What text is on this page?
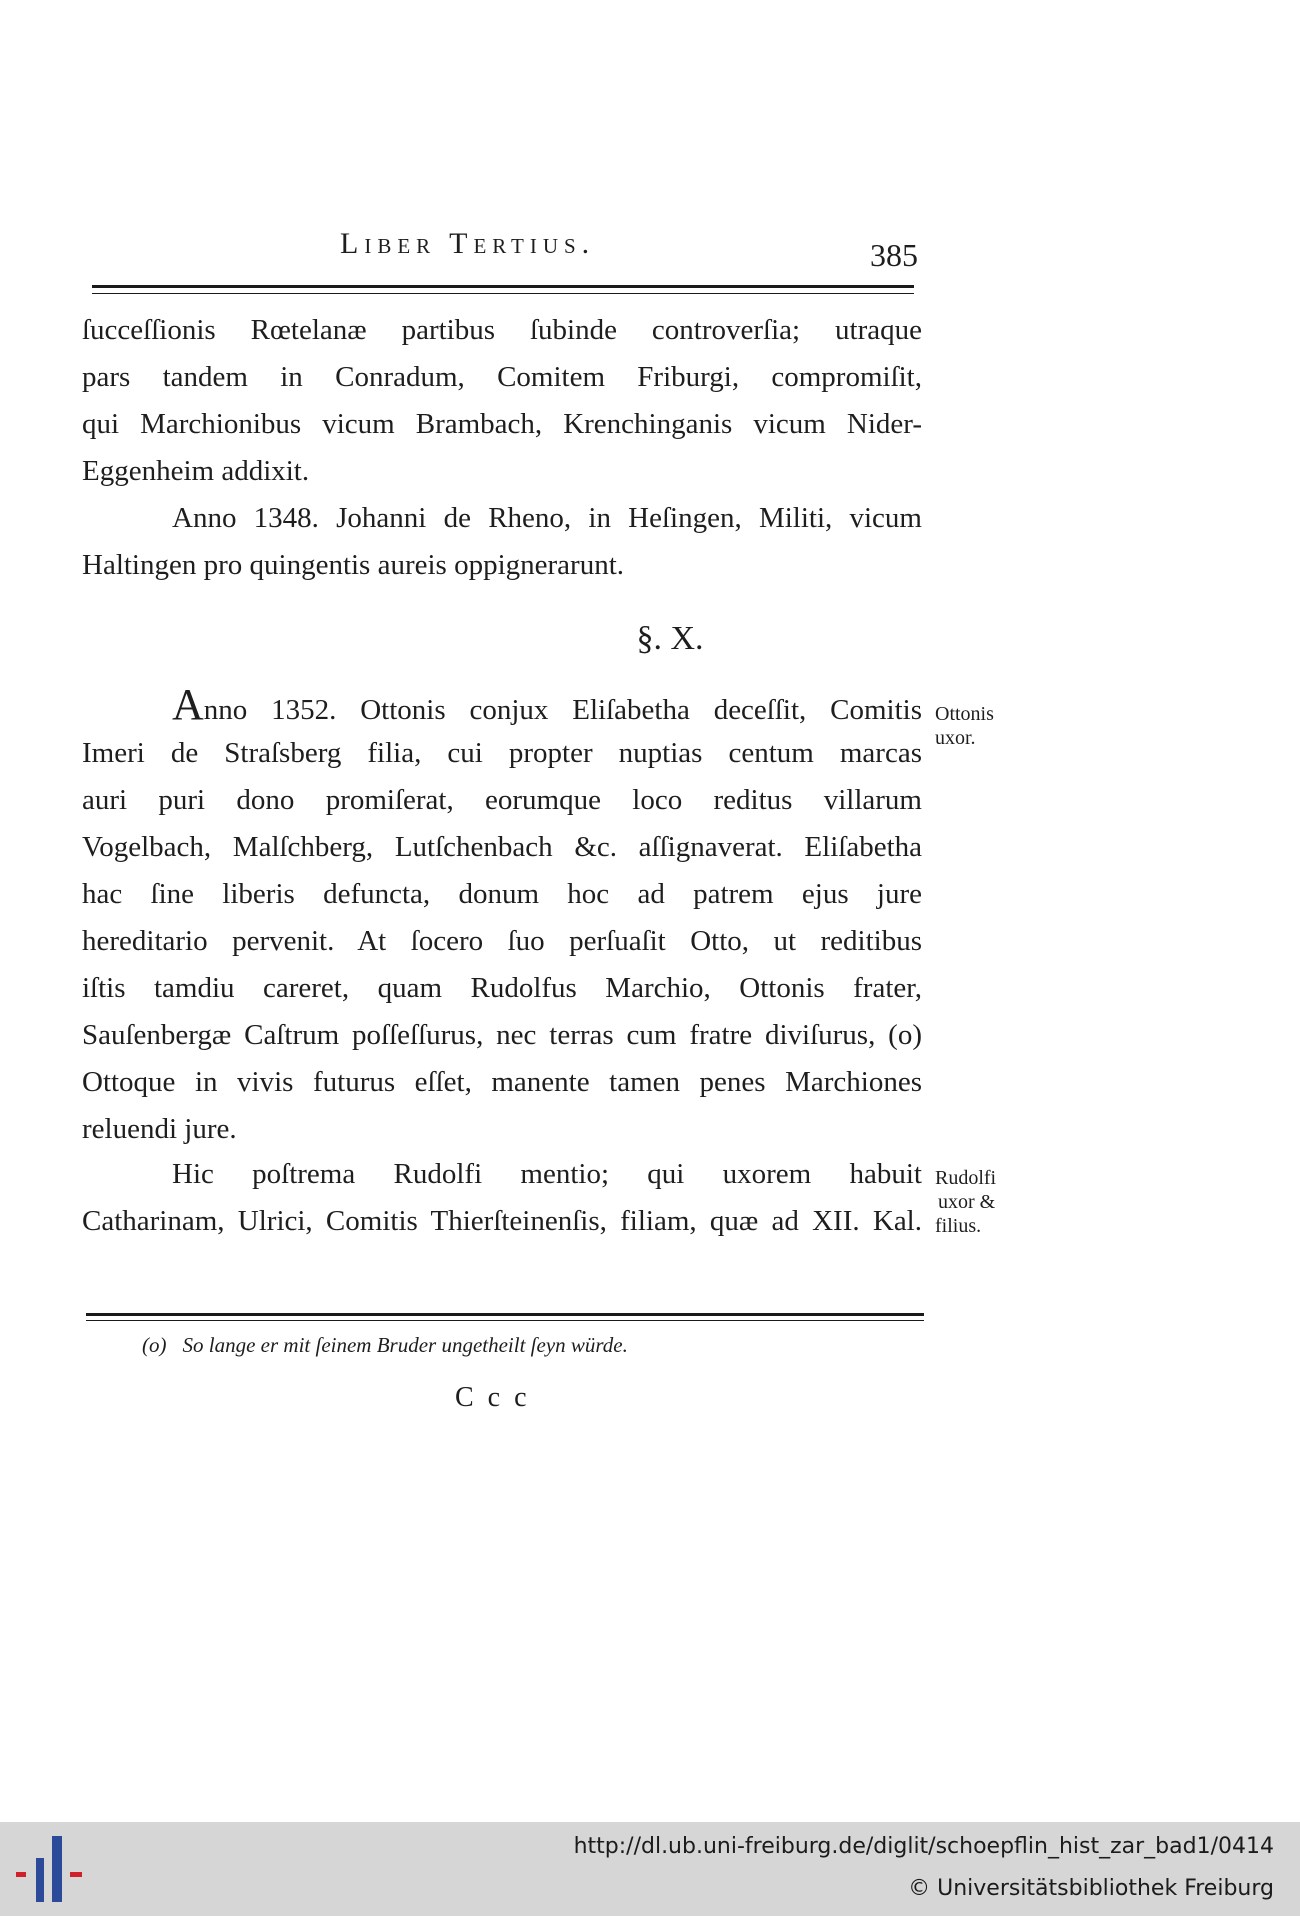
Liber Tertius.	385
ſucceſſionis Rœtelanæ partibus ſubinde controverſia; utraque
pars tandem in Conradum, Comitem Friburgi, compromiſit,
qui Marchionibus vicum Brambach, Krenchinganis vicum Nider-
Eggenheim addixit.
Anno 1348. Johanni de Rheno, in Heſingen, Militi, vicum
Haltingen pro quingentis aureis oppignerarunt.
§. X.
Anno 1352. Ottonis conjux Eliſabetha deceſſit, Comitis
Imeri de Straſsberg filia, cui propter nuptias centum marcas
auri puri dono promiſerat, eorumque loco reditus villarum
Vogelbach, Malſchberg, Lutſchenbach &c. aſſignaverat. Eliſabetha
hac ſine liberis defuncta, donum hoc ad patrem ejus jure
hereditario pervenit. At ſocero ſuo perſuaſit Otto, ut reditibus
iſtis tamdiu careret, quam Rudolfus Marchio, Ottonis frater,
Sauſenbergæ Caſtrum poſſeſſurus, nec terras cum fratre diviſurus, (o)
Ottoque in vivis futurus eſſet, manente tamen penes Marchiones
reluendi jure.
Hic poſtrema Rudolfi mentio; qui uxorem habuit
Catharinam, Ulrici, Comitis Thierſteinenſis, filiam, quæ ad XII. Kal.
Ottonis
uxor.
Rudolfi
uxor &
filius.
(o) So lange er mit ſeinem Bruder ungetheilt ſeyn würde.
Ccc
http://dl.ub.uni-freiburg.de/diglit/schoepflin_hist_zar_bad1/0414
© Universitätsbibliothek Freiburg
